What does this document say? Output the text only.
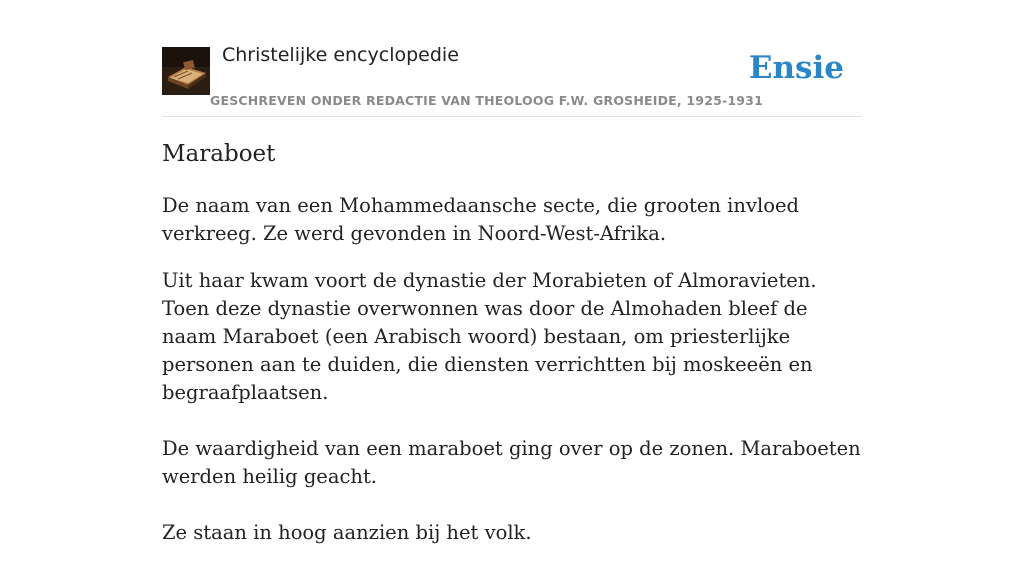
Christelijke encyclopedie
GESCHREVEN ONDER REDACTIE VAN THEOLOOG F.W. GROSHEIDE, 1925-1931
Ensie
Maraboet

De naam van een Mohammedaansche secte, die grooten invloed verkreeg. Ze werd gevonden in Noord-West-Afrika.

Uit haar kwam voort de dynastie der Morabieten of Almoravieten. Toen deze dynastie overwonnen was door de Almohaden bleef de naam Maraboet (een Arabisch woord) bestaan, om priesterlijke personen aan te duiden, die diensten verrichtten bij moskeeën en begraafplaatsen.

De waardigheid van een maraboet ging over op de zonen. Maraboeten werden heilig geacht.

Ze staan in hoog aanzien bij het volk.
